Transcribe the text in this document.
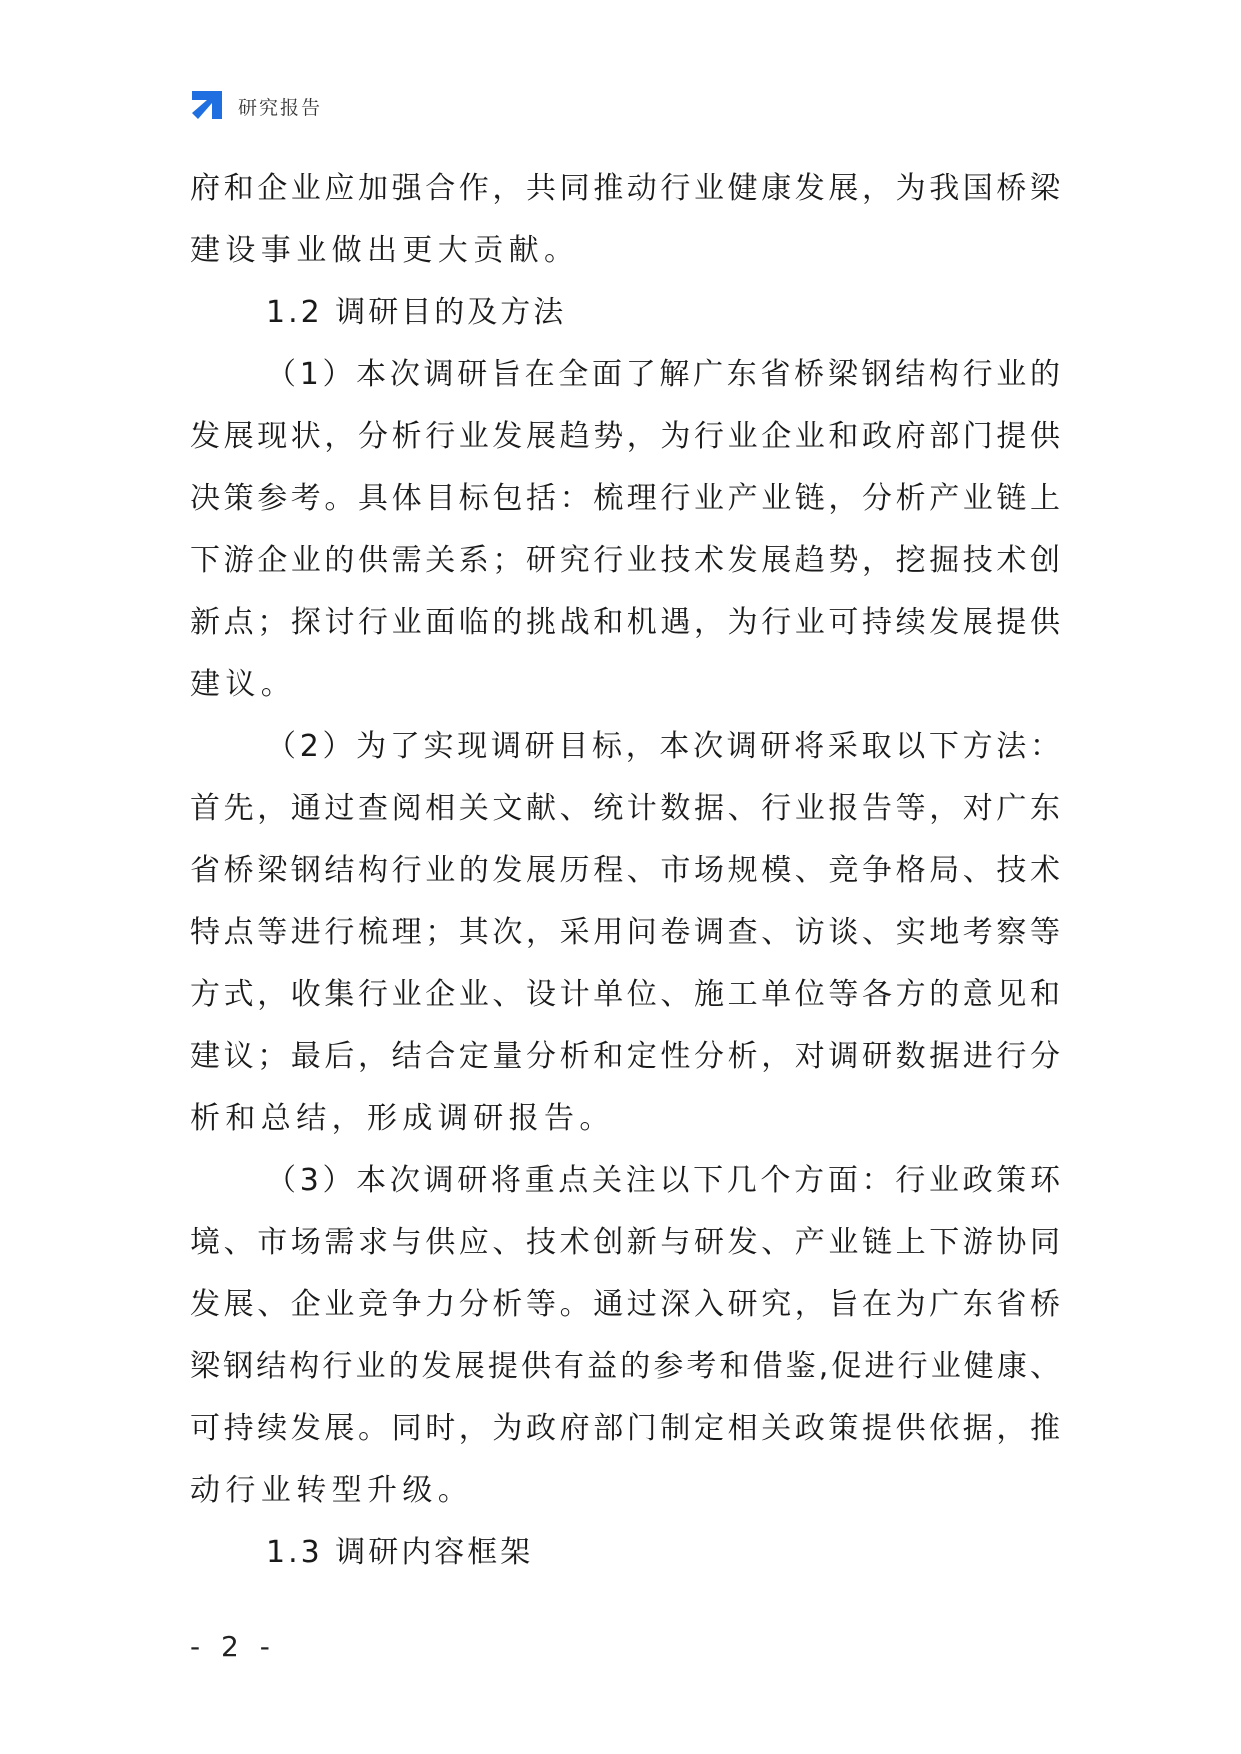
研究报告
府和企业应加强合作，共同推动行业健康发展，为我国桥梁
建设事业做出更大贡献。
1.2 调研目的及方法
（1）本次调研旨在全面了解广东省桥梁钢结构行业的
发展现状，分析行业发展趋势，为行业企业和政府部门提供
决策参考。具体目标包括：梳理行业产业链，分析产业链上
下游企业的供需关系；研究行业技术发展趋势，挖掘技术创
新点；探讨行业面临的挑战和机遇，为行业可持续发展提供
建议。
（2）为了实现调研目标，本次调研将采取以下方法：
首先，通过查阅相关文献、统计数据、行业报告等，对广东
省桥梁钢结构行业的发展历程、市场规模、竞争格局、技术
特点等进行梳理；其次，采用问卷调查、访谈、实地考察等
方式，收集行业企业、设计单位、施工单位等各方的意见和
建议；最后，结合定量分析和定性分析，对调研数据进行分
析和总结，形成调研报告。
（3）本次调研将重点关注以下几个方面：行业政策环
境、市场需求与供应、技术创新与研发、产业链上下游协同
发展、企业竞争力分析等。通过深入研究，旨在为广东省桥
梁钢结构行业的发展提供有益的参考和借鉴,促进行业健康、
可持续发展。同时，为政府部门制定相关政策提供依据，推
动行业转型升级。
1.3 调研内容框架
- 2 -
